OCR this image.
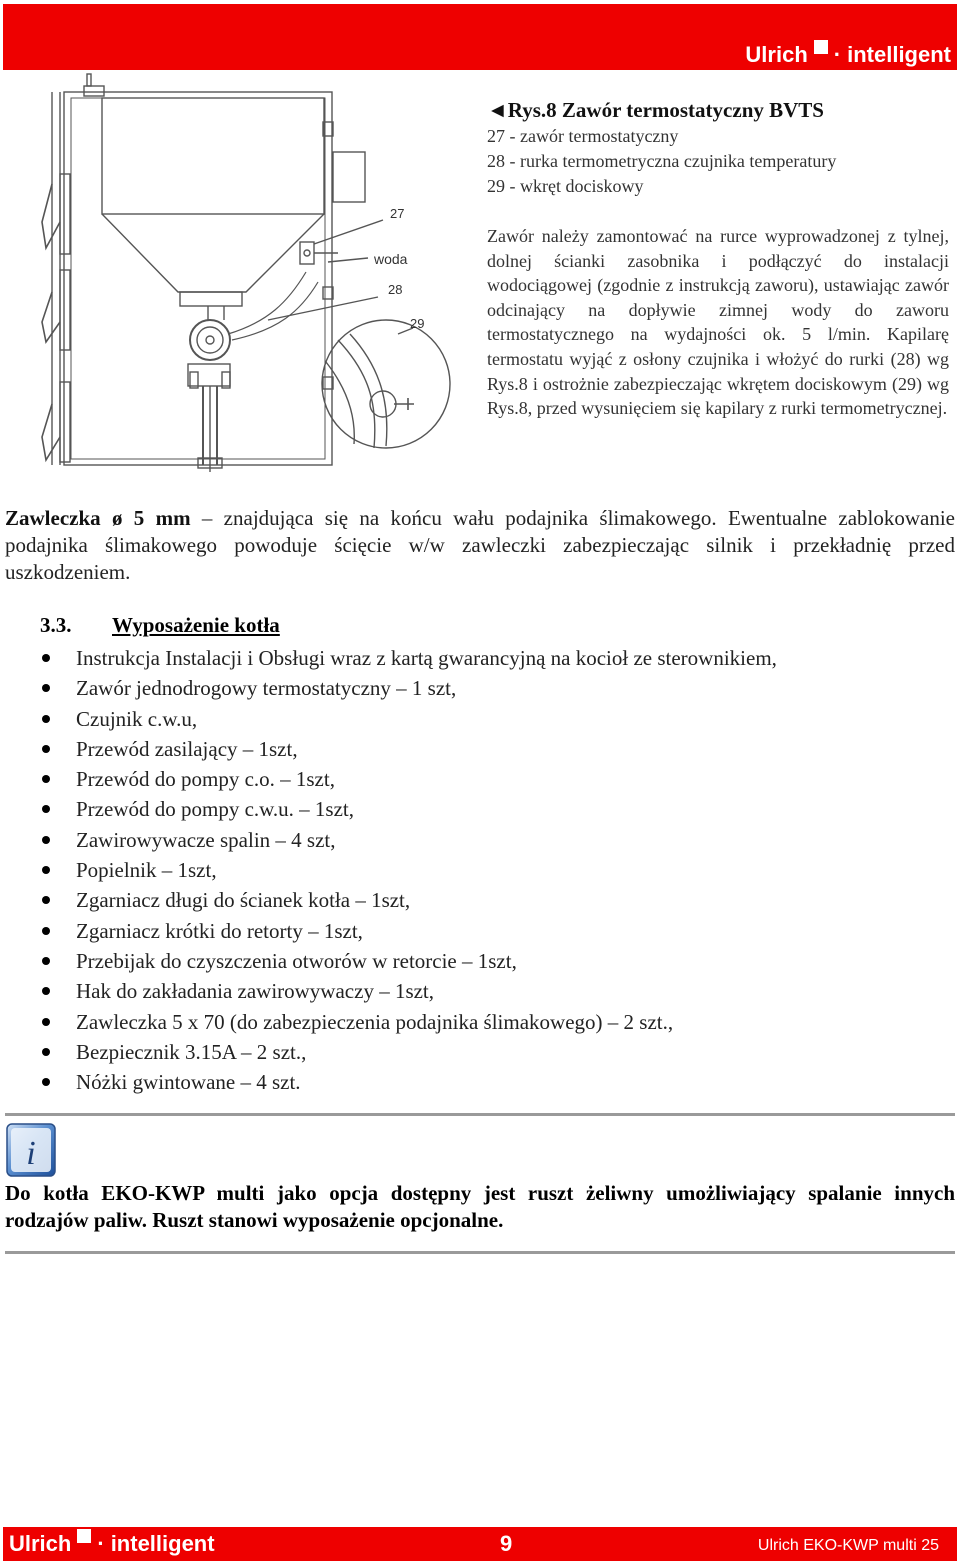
Ulrich · intelligent
27
woda
28
29
◄Rys.8 Zawór termostatyczny BVTS
27 - zawór termostatyczny
28 - rurka termometryczna czujnika temperatury
29 - wkręt dociskowy
Zawór należy zamontować na rurce wyprowadzonej z tylnej, dolnej ścianki zasobnika i podłączyć do instalacji wodociągowej (zgodnie z instrukcją zaworu), ustawiając zawór odcinający na dopływie zimnej wody do zaworu termostatycznego na wydajności ok. 5 l/min. Kapilarę termostatu wyjąć z osłony czujnika i włożyć do rurki (28) wg Rys.8 i ostrożnie zabezpieczając wkrętem dociskowym (29) wg Rys.8, przed wysunięciem się kapilary z rurki termometrycznej.
Zawleczka ø 5 mm – znajdująca się na końcu wału podajnika ślimakowego. Ewentualne zablokowanie podajnika ślimakowego powoduje ścięcie w/w zawleczki zabezpieczając silnik i przekładnię przed uszkodzeniem.
3.3. Wyposażenie kotła
Instrukcja Instalacji i Obsługi wraz z kartą gwarancyjną na kocioł ze sterownikiem,
Zawór jednodrogowy termostatyczny – 1 szt,
Czujnik c.w.u,
Przewód zasilający – 1szt,
Przewód do pompy c.o. – 1szt,
Przewód do pompy c.w.u. – 1szt,
Zawirowywacze spalin – 4 szt,
Popielnik – 1szt,
Zgarniacz długi do ścianek kotła – 1szt,
Zgarniacz krótki do retorty – 1szt,
Przebijak do czyszczenia otworów w retorcie – 1szt,
Hak do zakładania zawirowywaczy – 1szt,
Zawleczka 5 x 70 (do zabezpieczenia podajnika ślimakowego) – 2 szt.,
Bezpiecznik 3.15A – 2 szt.,
Nóżki gwintowane – 4 szt.
i
Do kotła EKO-KWP multi jako opcja dostępny jest ruszt żeliwny umożliwiający spalanie innych rodzajów paliw. Ruszt stanowi wyposażenie opcjonalne.
Ulrich · intelligent	9	Ulrich EKO-KWP multi 25
